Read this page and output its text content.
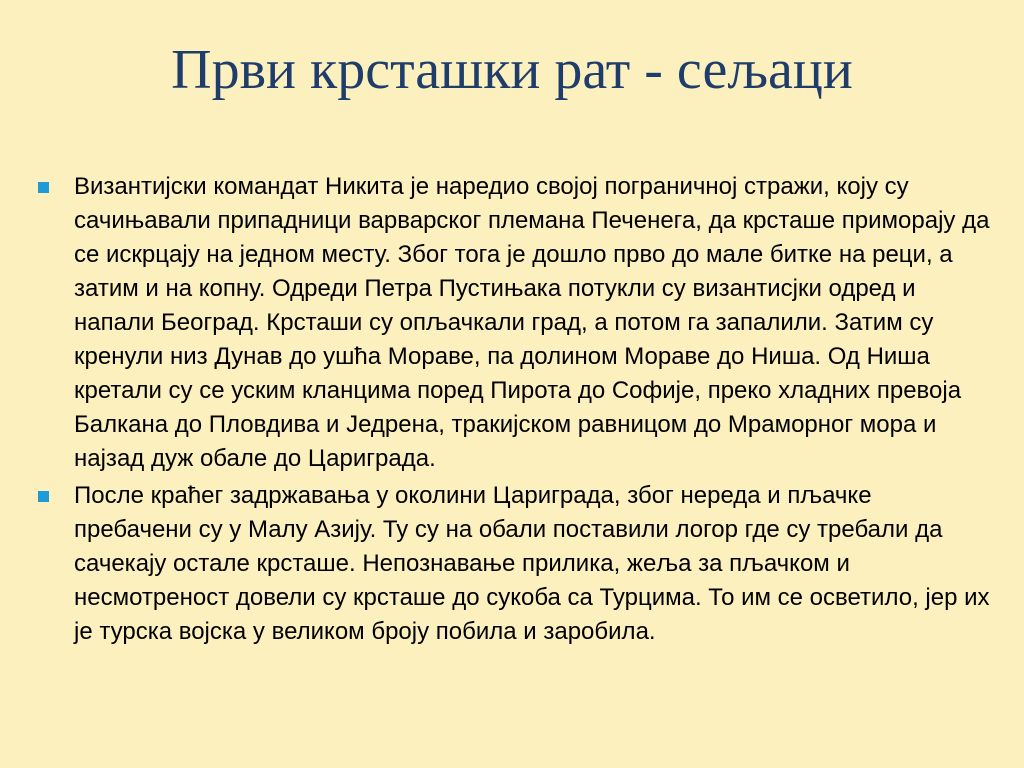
Први крсташки рат - сељаци
Византијски командат Никита је наредио својој пограничној стражи, коју су сачињавали припадници варварског племана Печенега, да крсташе приморају да се искрцају на једном месту. Због тога је дошло прво до мале битке на реци, а затим и на копну. Одреди Петра Пустињака потукли су византисјки одред и напали Београд. Крсташи су опљачкали град, а потом га запалили. Затим су кренули низ Дунав до ушћа Мораве, па долином Мораве до Ниша. Од Ниша кретали су се уским кланцима поред Пирота до Софије, преко хладних превоја Балкана до Пловдива и Једрена, тракијском равницом до Мраморног мора и најзад дуж обале до Цариграда.
После краћег задржавања у околини Цариграда, због нереда и пљачке пребачени су у Малу Азију. Ту су на обали поставили логор где су требали да сачекају остале крсташе. Непознавање прилика, жеља за пљачком и несмотреност довели су крсташе до сукоба са Турцима. То им се осветило, јер их је турска војска у великом броју побила и заробила.
